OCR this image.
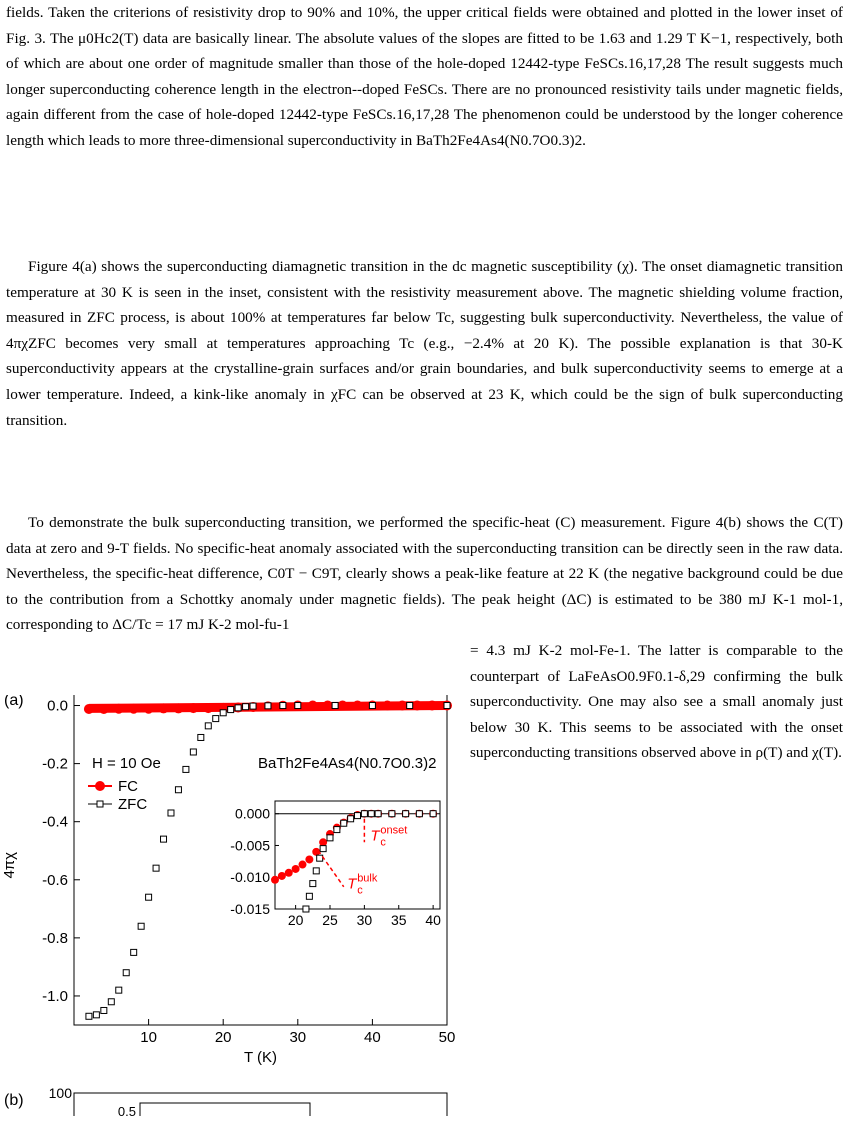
fields. Taken the criterions of resistivity drop to 90% and 10%, the upper critical fields were obtained and plotted in the lower inset of Fig. 3. The μ0Hc2(T) data are basically linear. The absolute values of the slopes are fitted to be 1.63 and 1.29 T K−1, respectively, both of which are about one order of magnitude smaller than those of the hole-doped 12442-type FeSCs.16,17,28 The result suggests much longer superconducting coherence length in the electron--doped FeSCs. There are no pronounced resistivity tails under magnetic fields, again different from the case of hole-doped 12442-type FeSCs.16,17,28 The phenomenon could be understood by the longer coherence length which leads to more three-dimensional superconductivity in BaTh2Fe4As4(N0.7O0.3)2.

Figure 4(a) shows the superconducting diamagnetic transition in the dc magnetic susceptibility (χ). The onset diamagnetic transition temperature at 30 K is seen in the inset, consistent with the resistivity measurement above. The magnetic shielding volume fraction, measured in ZFC process, is about 100% at temperatures far below Tc, suggesting bulk superconductivity. Nevertheless, the value of 4πχZFC becomes very small at temperatures approaching Tc (e.g., −2.4% at 20 K). The possible explanation is that 30-K superconductivity appears at the crystalline-grain surfaces and/or grain boundaries, and bulk superconductivity seems to emerge at a lower temperature. Indeed, a kink-like anomaly in χFC can be observed at 23 K, which could be the sign of bulk superconducting transition.

To demonstrate the bulk superconducting transition, we performed the specific-heat (C) measurement. Figure 4(b) shows the C(T) data at zero and 9-T fields. No specific-heat anomaly associated with the superconducting transition can be directly seen in the raw data. Nevertheless, the specific-heat difference, C0T − C9T, clearly shows a peak-like feature at 22 K (the negative background could be due to the contribution from a Schottky anomaly under magnetic fields). The peak height (ΔC) is estimated to be 380 mJ K-1 mol-1, corresponding to ΔC/Tc = 17 mJ K-2 mol-fu-1

= 4.3 mJ K-2 mol-Fe-1. The latter is comparable to the counterpart of LaFeAsO0.9F0.1-δ,29 confirming the bulk superconductivity. One may also see a small anomaly just below 30 K. This seems to be associated with the onset superconducting transitions observed above in ρ(T) and χ(T).

10	20	30	40	50
0.0
-0.2
-0.4
-0.6
-0.8
-1.0
T (K)
4πχ
(a)
H = 10 Oe	BaTh2Fe4As4(N0.7O0.3)2
FC
ZFC
20 25 30 35 40
0.000
-0.005
-0.010
-0.015
T c
onset
T c
bulk
(b) 100
0.5
